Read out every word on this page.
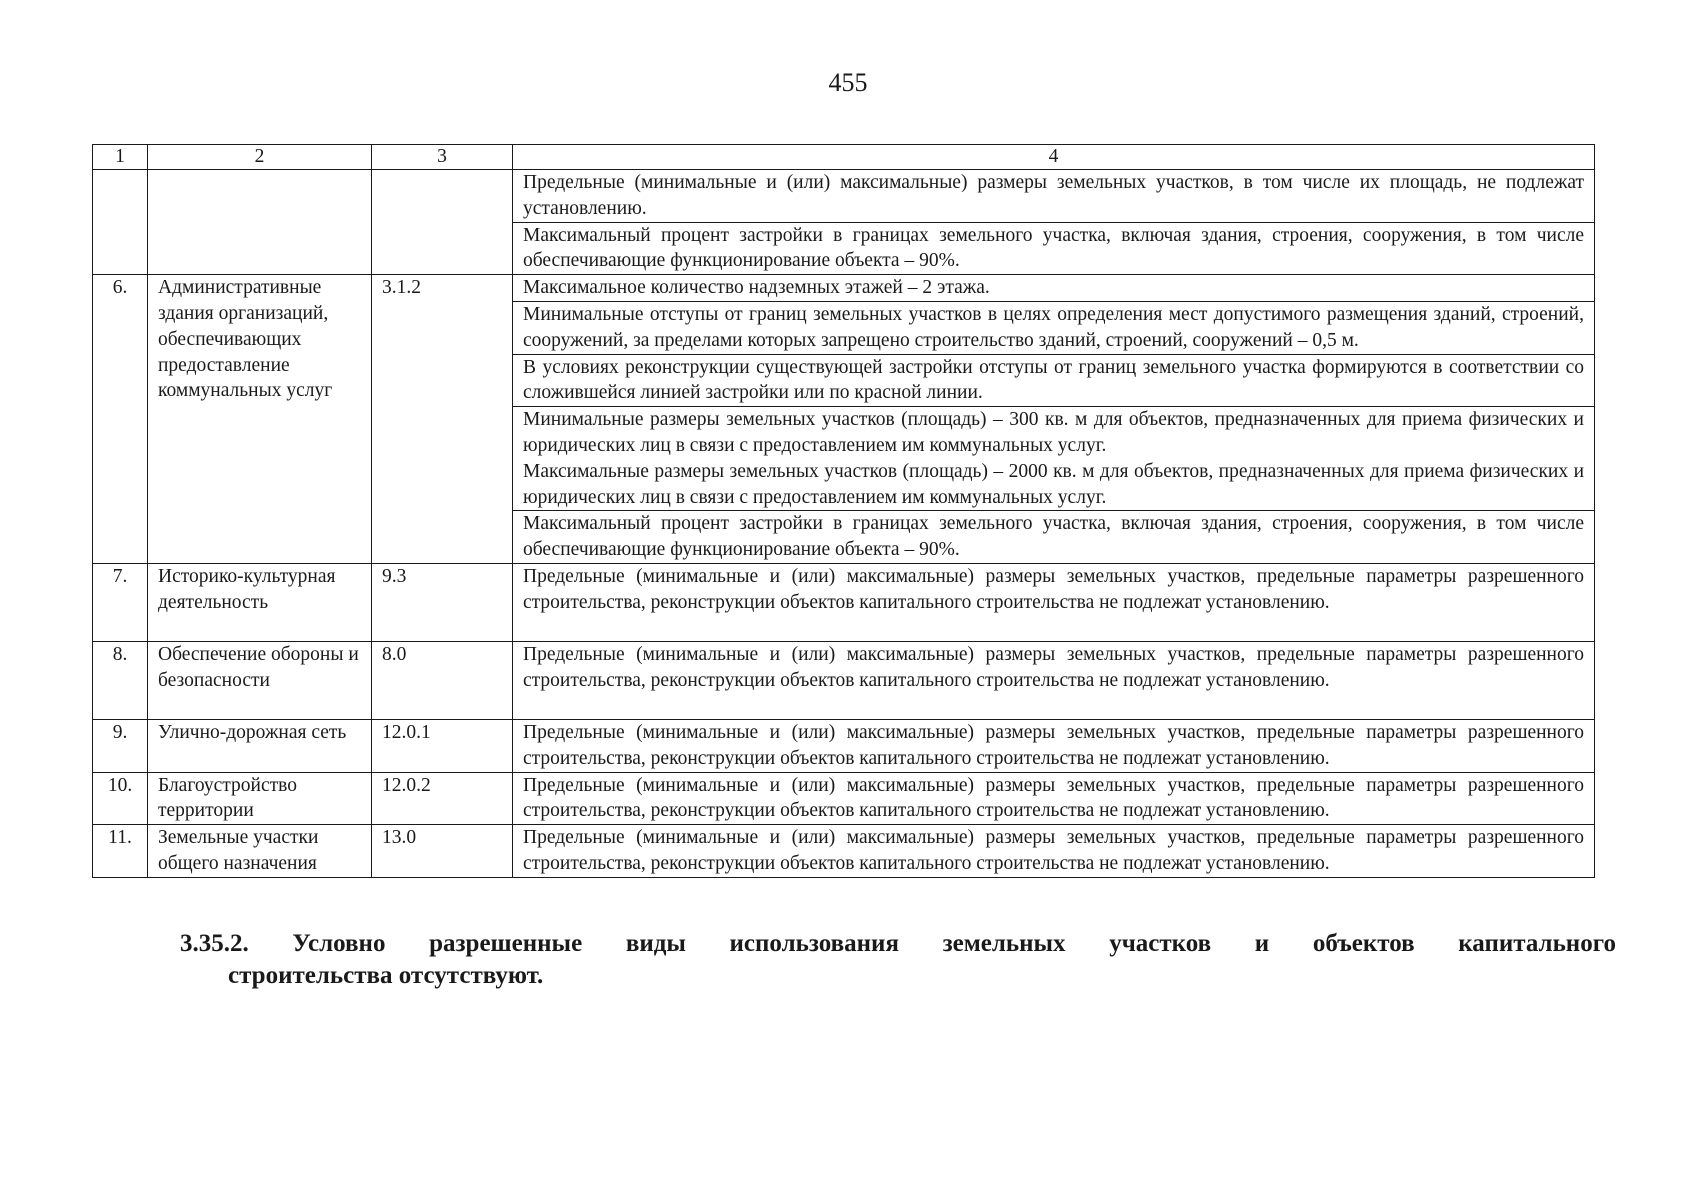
455
1	2	3	4
			Предельные (минимальные и (или) максимальные) размеры земельных участков, в том числе их площадь, не подлежат установлению.
			Максимальный процент застройки в границах земельного участка, включая здания, строения, сооружения, в том числе обеспечивающие функционирование объекта – 90%.
6.	Административные здания организаций, обеспечивающих предоставление коммунальных услуг	3.1.2	Максимальное количество надземных этажей – 2 этажа.
			Минимальные отступы от границ земельных участков в целях определения мест допустимого размещения зданий, строений, сооружений, за пределами которых запрещено строительство зданий, строений, сооружений – 0,5 м.
			В условиях реконструкции существующей застройки отступы от границ земельного участка формируются в соответствии со сложившейся линией застройки или по красной линии.

			Минимальные размеры земельных участков (площадь) – 300 кв. м для объектов, предназначенных для приема физических и юридических лиц в связи с предоставлением им коммунальных услуг.
Максимальные размеры земельных участков (площадь) – 2000 кв. м для объектов, предназначенных для приема физических и юридических лиц в связи с предоставлением им коммунальных услуг.

			Максимальный процент застройки в границах земельного участка, включая здания, строения, сооружения, в том числе обеспечивающие функционирование объекта – 90%.
7.	Историко-культурная деятельность	9.3	Предельные (минимальные и (или) максимальные) размеры земельных участков, предельные параметры разрешенного строительства, реконструкции объектов капитального строительства не подлежат установлению.
8.	Обеспечение обороны и безопасности	8.0	Предельные (минимальные и (или) максимальные) размеры земельных участков, предельные параметры разрешенного строительства, реконструкции объектов капитального строительства не подлежат установлению.
9.	Улично-дорожная сеть	12.0.1	Предельные (минимальные и (или) максимальные) размеры земельных участков, предельные параметры разрешенного строительства, реконструкции объектов капитального строительства не подлежат установлению.
10.	Благоустройство территории	12.0.2	Предельные (минимальные и (или) максимальные) размеры земельных участков, предельные параметры разрешенного строительства, реконструкции объектов капитального строительства не подлежат установлению.
11.	Земельные участки общего назначения	13.0	Предельные (минимальные и (или) максимальные) размеры земельных участков, предельные параметры разрешенного строительства, реконструкции объектов капитального строительства не подлежат установлению.
3.35.2. Условно разрешенные виды использования земельных участков и объектов капитального
строительства отсутствуют.
